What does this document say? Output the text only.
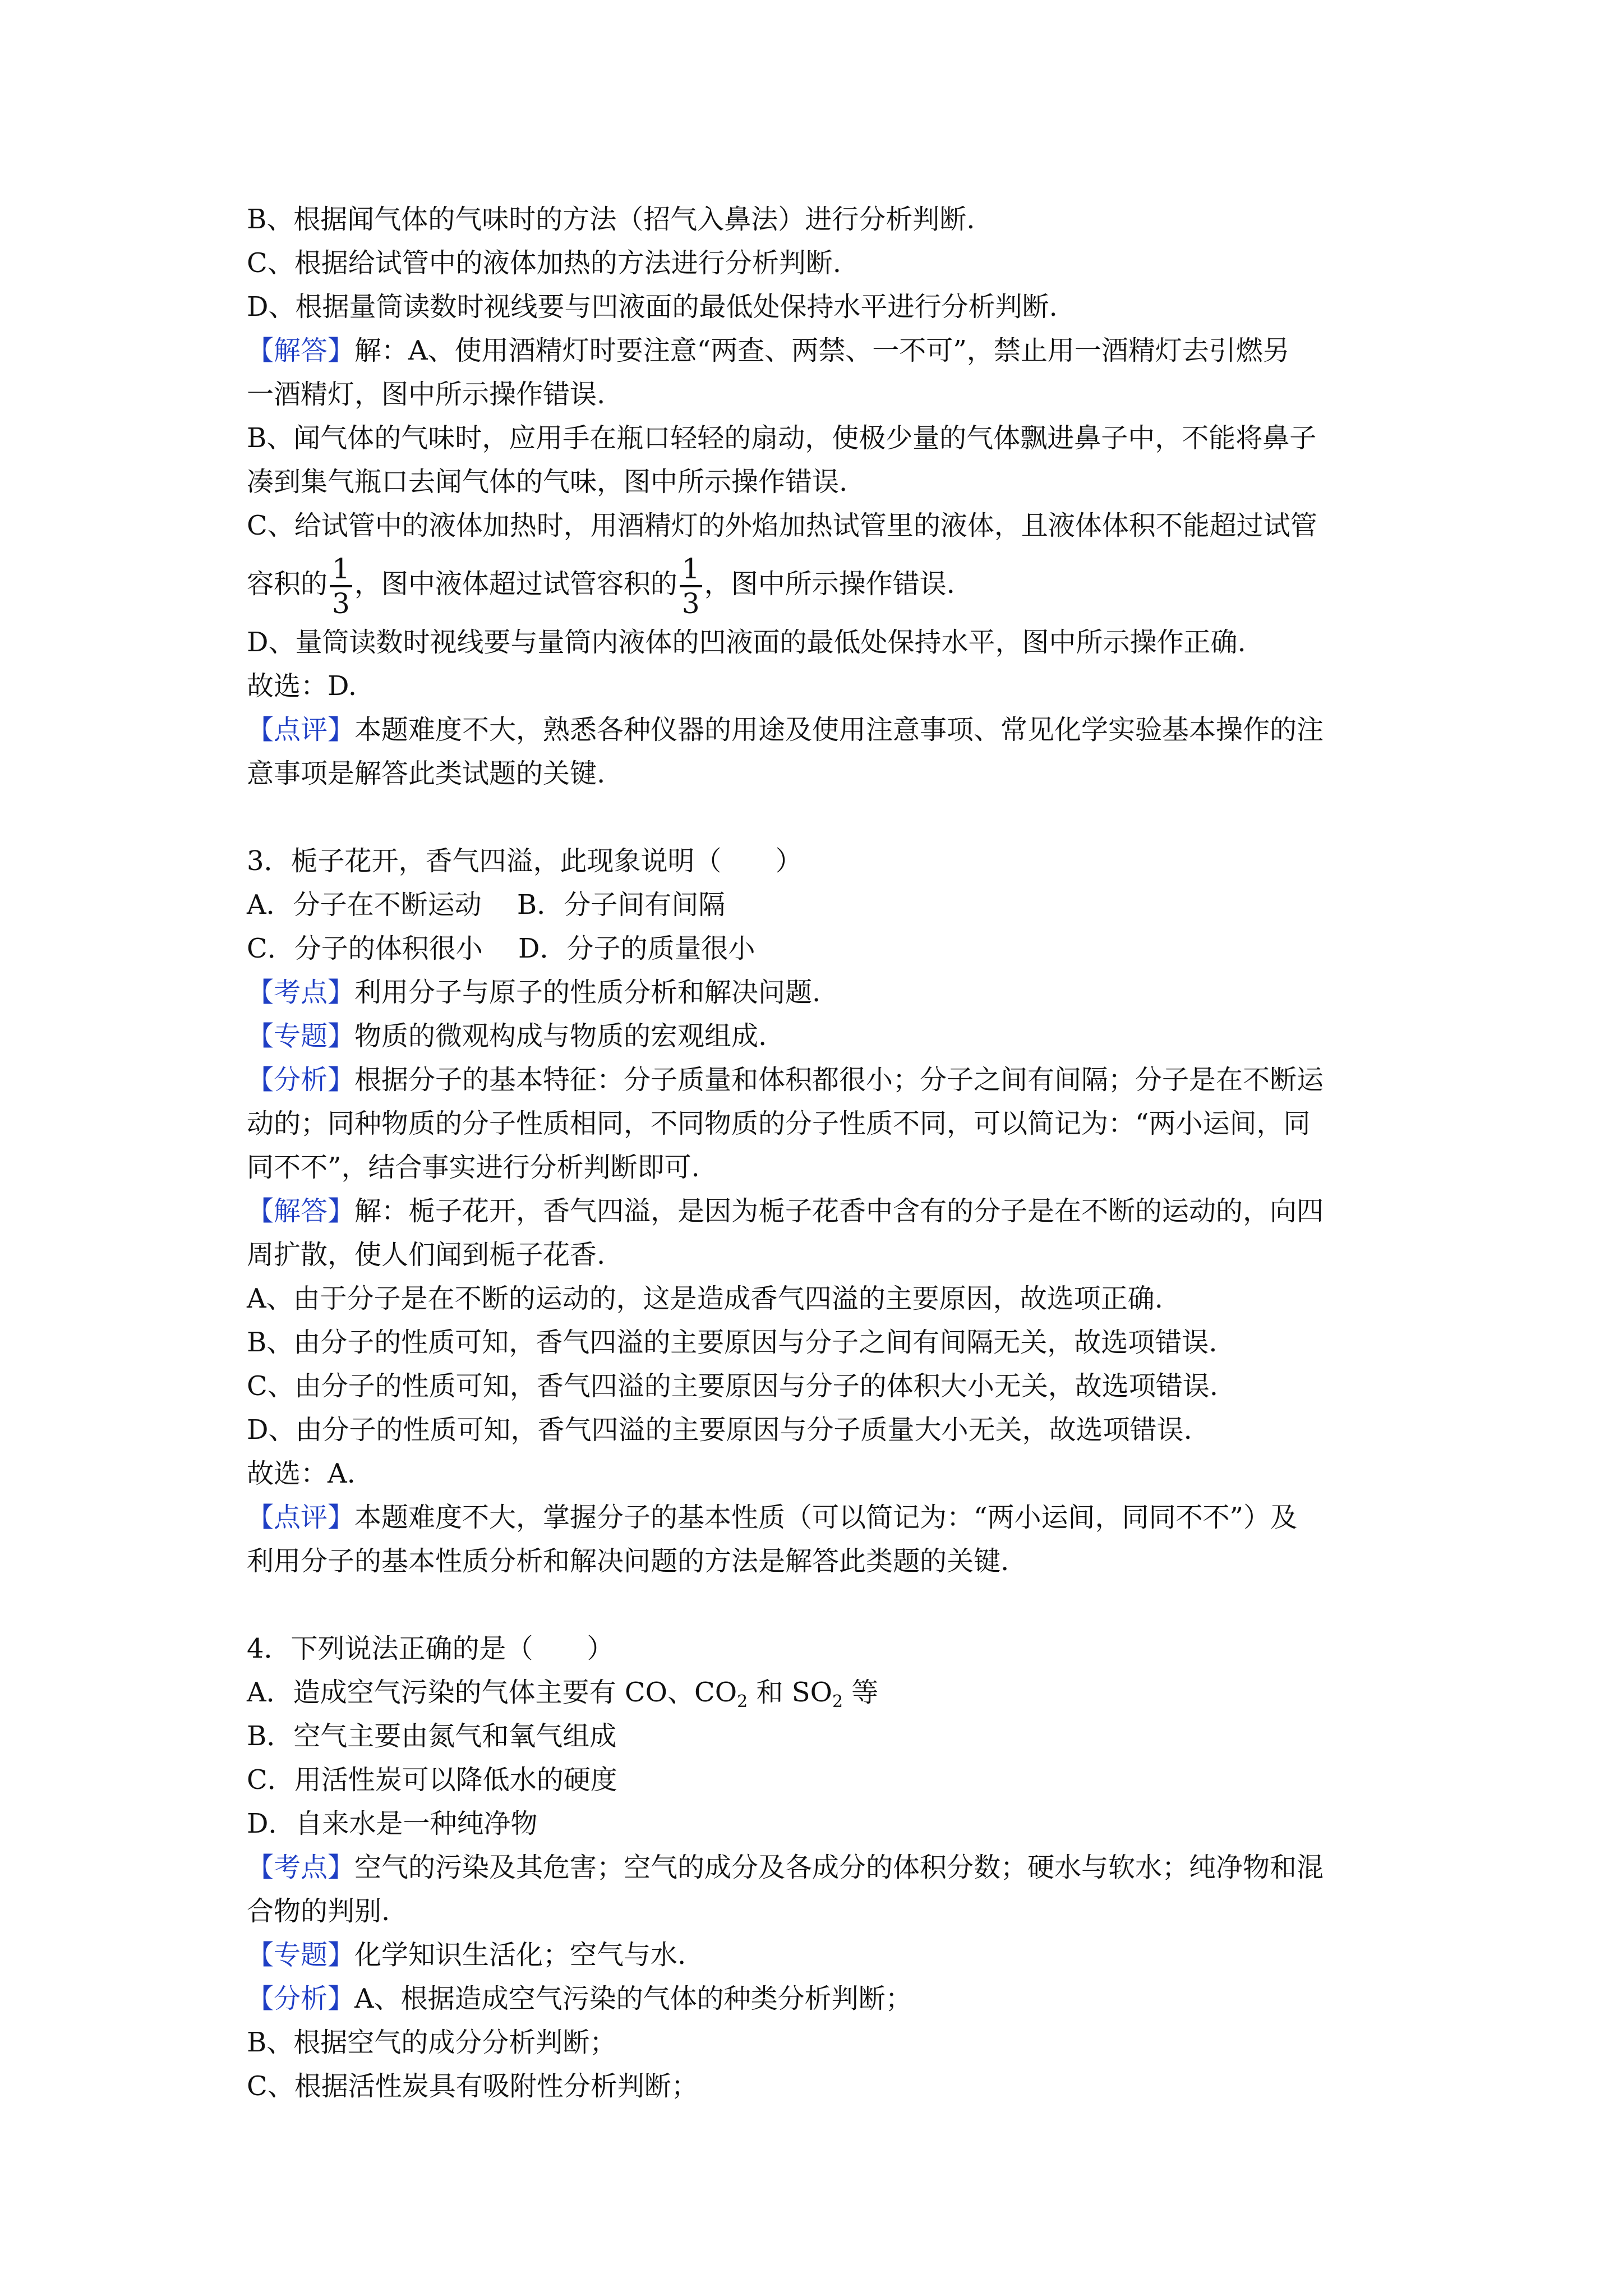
B、根据闻气体的气味时的方法（招气入鼻法）进行分析判断.
C、根据给试管中的液体加热的方法进行分析判断.
D、根据量筒读数时视线要与凹液面的最低处保持水平进行分析判断.
【解答】解：A、使用酒精灯时要注意“两查、两禁、一不可”，禁止用一酒精灯去引燃另
一酒精灯，图中所示操作错误.
B、闻气体的气味时，应用手在瓶口轻轻的扇动，使极少量的气体飘进鼻子中，不能将鼻子
凑到集气瓶口去闻气体的气味，图中所示操作错误.
C、给试管中的液体加热时，用酒精灯的外焰加热试管里的液体，且液体体积不能超过试管
容积的 $\frac{1}{3}$ ，图中液体超过试管容积的 $\frac{1}{3}$ ，图中所示操作错误.
D、量筒读数时视线要与量筒内液体的凹液面的最低处保持水平，图中所示操作正确.
故选：D.
【点评】本题难度不大，熟悉各种仪器的用途及使用注意事项、常见化学实验基本操作的注
意事项是解答此类试题的关键.
3．栀子花开，香气四溢，此现象说明（　　）
A．分子在不断运动　 B．分子间有间隔
C．分子的体积很小　 D．分子的质量很小
【考点】利用分子与原子的性质分析和解决问题.
【专题】物质的微观构成与物质的宏观组成.
【分析】根据分子的基本特征：分子质量和体积都很小；分子之间有间隔；分子是在不断运
动的；同种物质的分子性质相同，不同物质的分子性质不同，可以简记为：“两小运间，同
同不不”，结合事实进行分析判断即可.
【解答】解：栀子花开，香气四溢，是因为栀子花香中含有的分子是在不断的运动的，向四
周扩散，使人们闻到栀子花香.
A、由于分子是在不断的运动的，这是造成香气四溢的主要原因，故选项正确.
B、由分子的性质可知，香气四溢的主要原因与分子之间有间隔无关，故选项错误.
C、由分子的性质可知，香气四溢的主要原因与分子的体积大小无关，故选项错误.
D、由分子的性质可知，香气四溢的主要原因与分子质量大小无关，故选项错误.
故选：A.
【点评】本题难度不大，掌握分子的基本性质（可以简记为：“两小运间，同同不不”）及
利用分子的基本性质分析和解决问题的方法是解答此类题的关键.
4．下列说法正确的是（　　）
A．造成空气污染的气体主要有 CO、$CO_2$ 和 $SO_2$ 等
B．空气主要由氮气和氧气组成
C．用活性炭可以降低水的硬度
D．自来水是一种纯净物
【考点】空气的污染及其危害；空气的成分及各成分的体积分数；硬水与软水；纯净物和混
合物的判别.
【专题】化学知识生活化；空气与水.
【分析】A、根据造成空气污染的气体的种类分析判断；
B、根据空气的成分分析判断；
C、根据活性炭具有吸附性分析判断；
